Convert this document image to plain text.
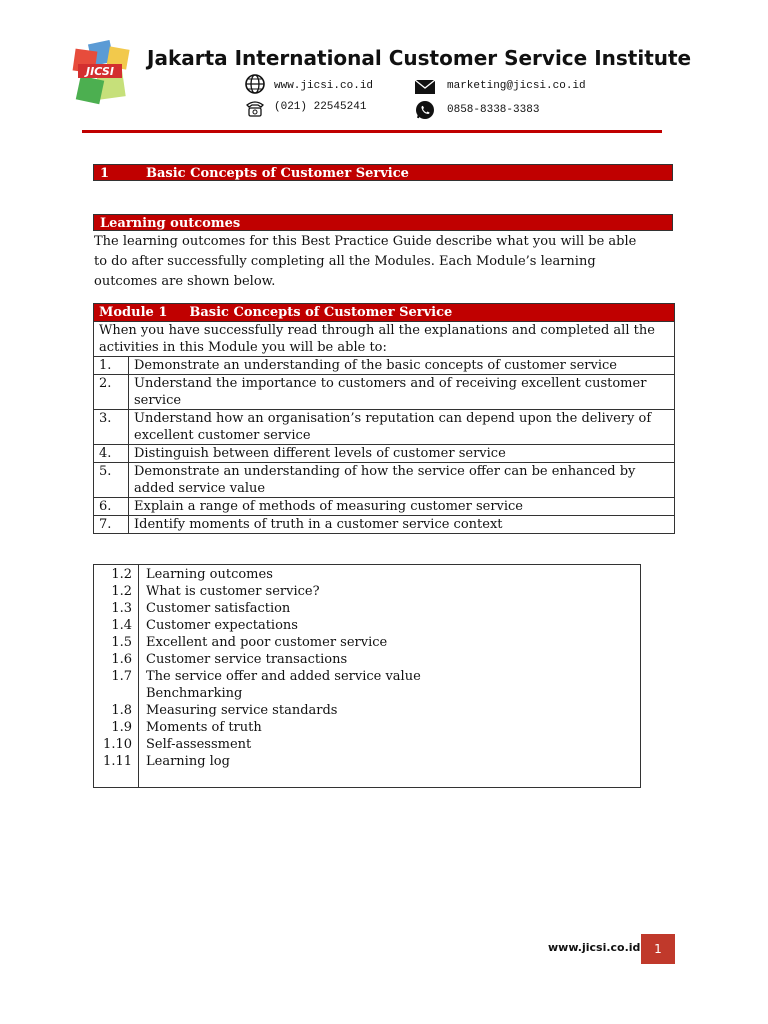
JICSI
Jakarta International Customer Service Institute
www.jicsi.co.id
(021) 22545241
marketing@jicsi.co.id
0858-8338-3383
1	Basic Concepts of Customer Service
Learning outcomes
The learning outcomes for this Best Practice Guide describe what you will be able
to do after successfully completing all the Modules. Each Module’s learning
outcomes are shown below.
Module 1 Basic Concepts of Customer Service	
When you have successfully read through all the explanations and completed all the activities in this Module you will be able to:	
1.	Demonstrate an understanding of the basic concepts of customer service
2.	Understand the importance to customers and of receiving excellent customer service
3.	Understand how an organisation’s reputation can depend upon the delivery of excellent customer service
4.	Distinguish between different levels of customer service
5.	Demonstrate an understanding of how the service offer can be enhanced by added service value
6.	Explain a range of methods of measuring customer service
7.	Identify moments of truth in a customer service context
1.2 Learning outcomes
1.2 What is customer service?
1.3 Customer satisfaction
1.4 Customer expectations
1.5 Excellent and poor customer service
1.6 Customer service transactions
1.7 The service offer and added service value
Benchmarking
1.8 Measuring service standards
1.9 Moments of truth
1.10 Self-assessment
1.11 Learning log
www.jicsi.co.id	1
